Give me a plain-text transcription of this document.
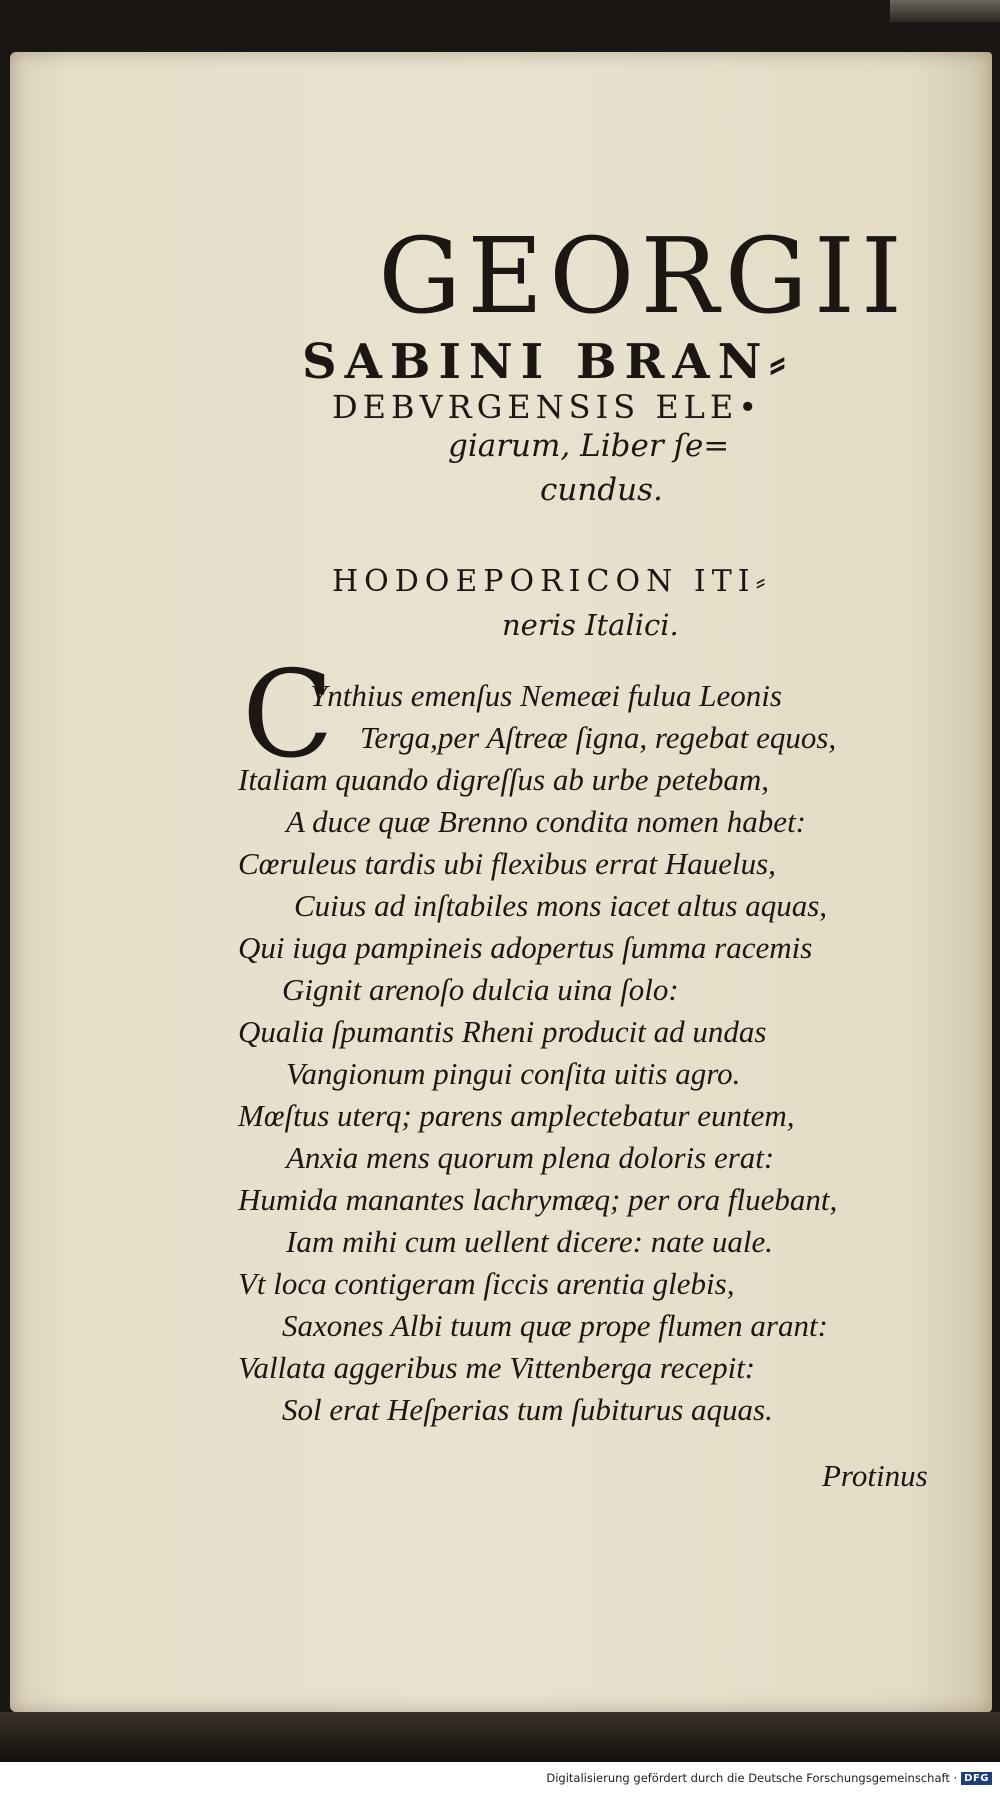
GEORGII
SABINI BRAN⸗
DEBVRGENSIS ELE•
giarum, Liber ſe=
cundus.
HODOEPORICON ITI⸗
neris Italici.
C
Ynthius emenſus Nemeæi fulua Leonis
Terga,per Aſtreæ ſigna, regebat equos,
Italiam quando digreſſus ab urbe petebam,
A duce quæ Brenno condita nomen habet:
Cœruleus tardis ubi flexibus errat Hauelus,
Cuius ad inſtabiles mons iacet altus aquas,
Qui iuga pampineis adopertus ſumma racemis
Gignit arenoſo dulcia uina ſolo:
Qualia ſpumantis Rheni producit ad undas
Vangionum pingui conſita uitis agro.
Mœſtus uterq; parens amplectebatur euntem,
Anxia mens quorum plena doloris erat:
Humida manantes lachrymæq; per ora fluebant,
Iam mihi cum uellent dicere: nate uale.
Vt loca contigeram ſiccis arentia glebis,
Saxones Albi tuum quæ prope flumen arant:
Vallata aggeribus me Vittenberga recepit:
Sol erat Heſperias tum ſubiturus aquas.
Protinus
Digitalisierung gefördert durch die Deutsche Forschungsgemeinschaft · DFG
